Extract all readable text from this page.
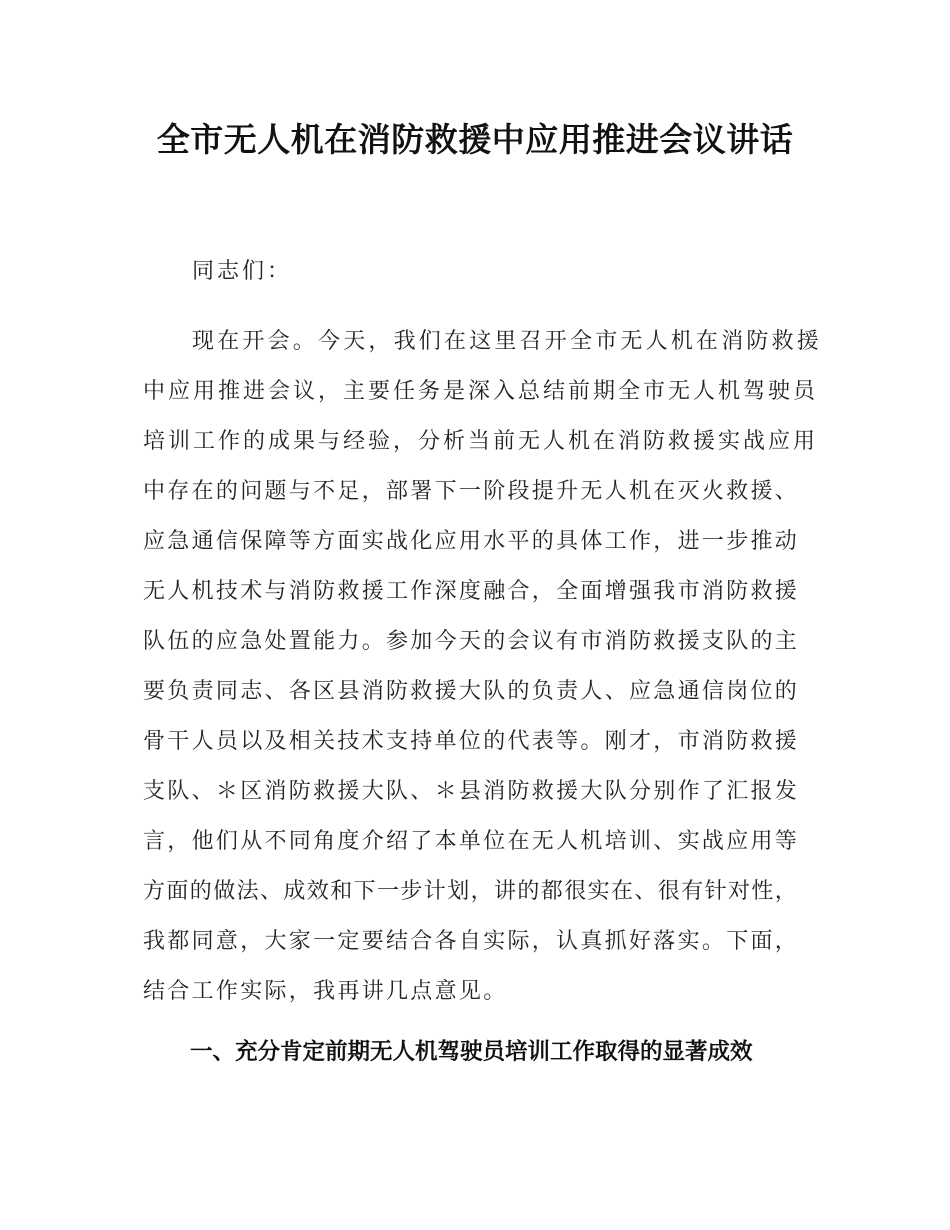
全市无人机在消防救援中应用推进会议讲话
同志们：
现在开会。今天，我们在这里召开全市无人机在消防救援
中应用推进会议，主要任务是深入总结前期全市无人机驾驶员
培训工作的成果与经验，分析当前无人机在消防救援实战应用
中存在的问题与不足，部署下一阶段提升无人机在灭火救援、
应急通信保障等方面实战化应用水平的具体工作，进一步推动
无人机技术与消防救援工作深度融合，全面增强我市消防救援
队伍的应急处置能力。参加今天的会议有市消防救援支队的主
要负责同志、各区县消防救援大队的负责人、应急通信岗位的
骨干人员以及相关技术支持单位的代表等。刚才，市消防救援
支队、＊区消防救援大队、＊县消防救援大队分别作了汇报发
言，他们从不同角度介绍了本单位在无人机培训、实战应用等
方面的做法、成效和下一步计划，讲的都很实在、很有针对性，
我都同意，大家一定要结合各自实际，认真抓好落实。下面，
结合工作实际，我再讲几点意见。
一、充分肯定前期无人机驾驶员培训工作取得的显著成效
